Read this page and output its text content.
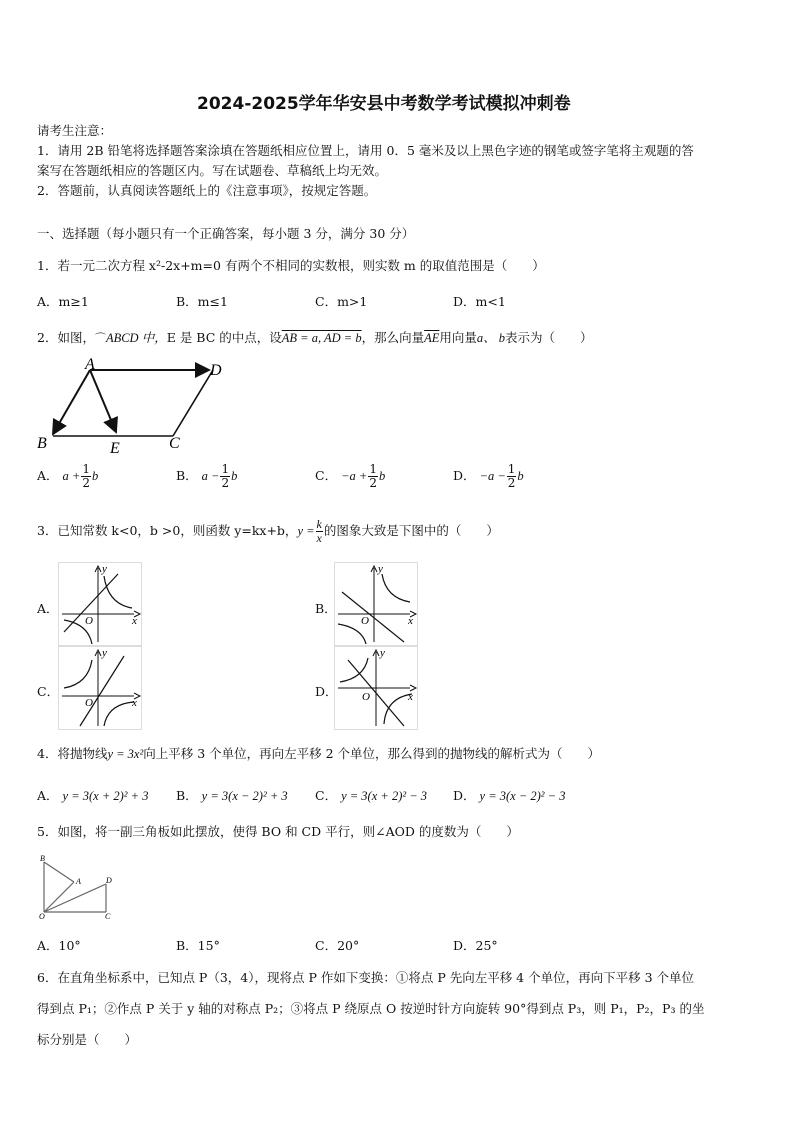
2024-2025学年华安县中考数学考试模拟冲刺卷
请考生注意：
1．请用 2B 铅笔将选择题答案涂填在答题纸相应位置上，请用 0．5 毫米及以上黑色字迹的钢笔或签字笔将主观题的答
案写在答题纸相应的答题区内。写在试题卷、草稿纸上均无效。
2．答题前，认真阅读答题纸上的《注意事项》，按规定答题。
一、选择题（每小题只有一个正确答案，每小题 3 分，满分 30 分）
1．若一元二次方程 x²-2x+m=0 有两个不相同的实数根，则实数 m 的取值范围是（　　）
A．m≥1	B．m≤1	C．m>1	D．m<1
2．如图，⌒ABCD 中，E 是 BC 的中点，设AB = a, AD = b，那么向量$\overline{AE}$用向量a、 b表示为（　　）
A	D
B	E	C
A． $a + \frac{1}{2}$ b	B． $a - \frac{1}{2}$ b	C． $-a + \frac{1}{2}$ b	D． $-a - \frac{1}{2}$ b
3．已知常数 k<0，b >0，则函数 y=kx+b，$y = \frac{k}{x}$ 的图象大致是下图中的（　　）
A．
y
x
O
B．
y
x
O
C．
y
x
O
D．
y
x
O
4．将抛物线y = 3x²向上平移 3 个单位，再向左平移 2 个单位，那么得到的抛物线的解析式为（　　）
A． y = 3(x + 2)² + 3 B． y = 3(x − 2)² + 3 C． y = 3(x + 2)² − 3 D． y = 3(x − 2)² − 3
5．如图，将一副三角板如此摆放，使得 BO 和 CD 平行，则∠AOD 的度数为（　　）
B
A	D
O	C
A．10°	B．15°	C．20°	D．25°
6．在直角坐标系中，已知点 P（3，4），现将点 P 作如下变换：①将点 P 先向左平移 4 个单位，再向下平移 3 个单位
得到点 P₁；②作点 P 关于 y 轴的对称点 P₂；③将点 P 绕原点 O 按逆时针方向旋转 90°得到点 P₃，则 P₁，P₂，P₃ 的坐
标分别是（　　）
